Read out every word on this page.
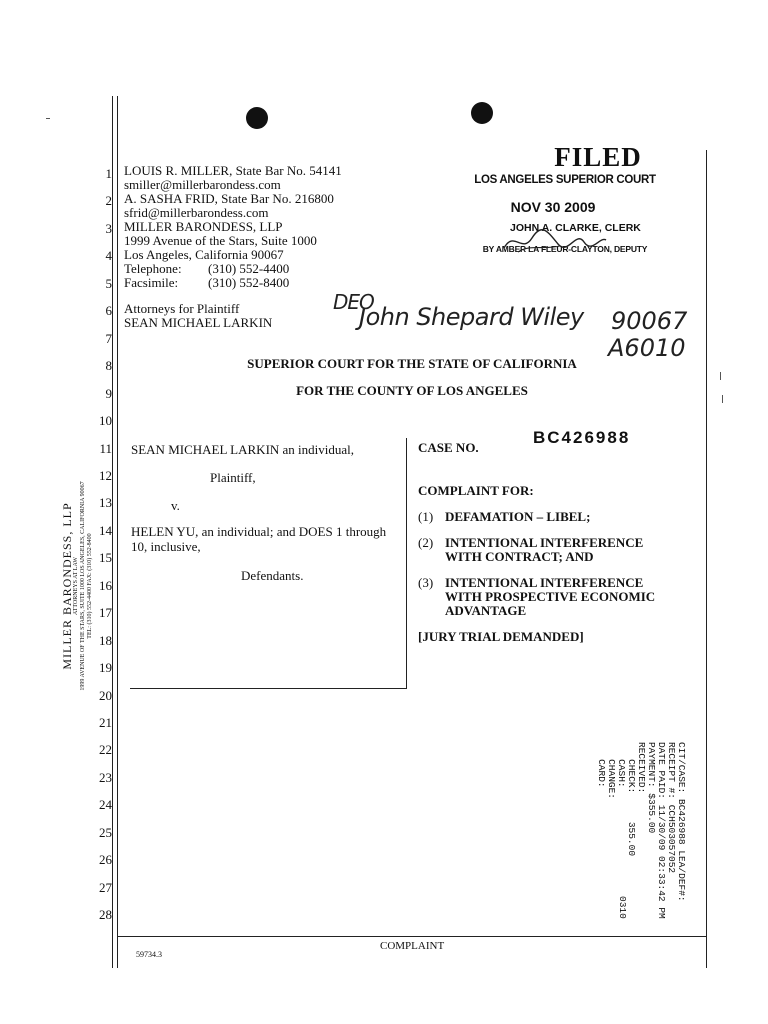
1
2
3
4
5
6
7
8
9
10
11
12
13
14
15
16
17
18
19
20
21
22
23
24
25
26
27
28
MILLER BARONDESS, LLP ATTORNEYS AT LAW 1999 AVENUE OF THE STARS, SUITE 1000 LOS ANGELES, CALIFORNIA 90067 TEL: (310) 552-4400 FAX: (310) 552-8400
LOUIS R. MILLER, State Bar No. 54141
smiller@millerbarondess.com
A. SASHA FRID, State Bar No. 216800
sfrid@millerbarondess.com
MILLER BARONDESS, LLP
1999 Avenue of the Stars, Suite 1000
Los Angeles, California 90067
Telephone: (310) 552-4400
Facsimile: (310) 552-8400
Attorneys for Plaintiff
SEAN MICHAEL LARKIN
FILED
LOS ANGELES SUPERIOR COURT
NOV 30 2009
JOHN A. CLARKE, CLERK
BY AMBER LA FLEUR-CLAYTON, DEPUTY
DEO
John Shepard Wiley 90067
A6010
SUPERIOR COURT FOR THE STATE OF CALIFORNIA
FOR THE COUNTY OF LOS ANGELES
SEAN MICHAEL LARKIN an individual,
Plaintiff,
v.
HELEN YU, an individual; and DOES 1 through 10, inclusive,
Defendants.
CASE NO.
BC426988
COMPLAINT FOR:
(1) DEFAMATION – LIBEL;
(2) INTENTIONAL INTERFERENCE WITH CONTRACT; AND
(3) INTENTIONAL INTERFERENCE WITH PROSPECTIVE ECONOMIC ADVANTAGE
[JURY TRIAL DEMANDED]
CIT/CASE: BC426988 LEA/DEF#:
RECEIPT #: CCH503057052
DATE PAID: 11/30/09 02:33:42 PM
PAYMENT: $355.00
RECEIVED:
CHECK:     355.00
CASH:
CHANGE:
CARD:
0310
59734.3
COMPLAINT
